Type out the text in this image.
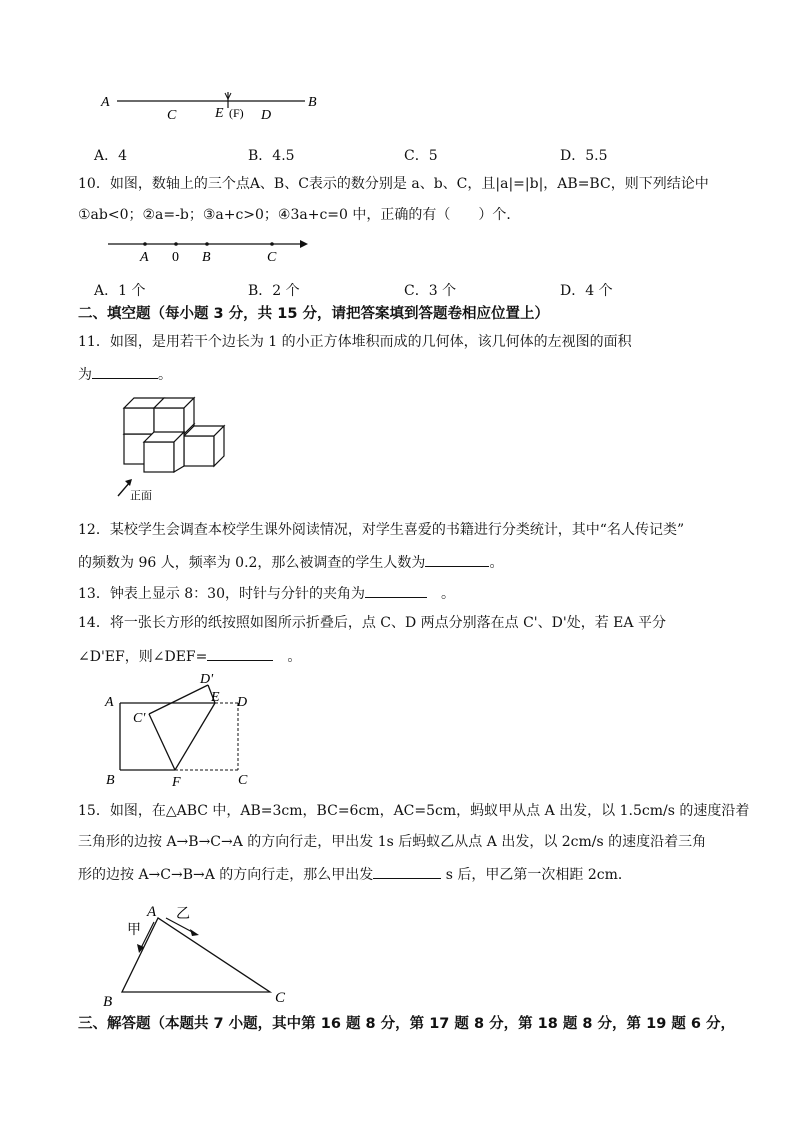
A	B
C	E (F) D
A．4	B．4.5	C．5	D．5.5
10．如图，数轴上的三个点A、B、C表示的数分别是 a、b、C，且|a|=|b|，AB=BC，则下列结论中
①ab<0；②a=-b；③a+c>0；④3a+c=0 中，正确的有（　　）个．
A 0 B	C
A．1 个	B．2 个	C．3 个	D．4 个
二、填空题（每小题 3 分，共 15 分，请把答案填到答题卷相应位置上）
11．如图，是用若干个边长为 1 的小正方体堆积而成的几何体，该几何体的左视图的面积
为	。
正面
12．某校学生会调查本校学生课外阅读情况，对学生喜爱的书籍进行分类统计，其中“名人传记类”
的频数为 96 人，频率为 0.2，那么被调查的学生人数为	。
13．钟表上显示 8：30，时针与分针的夹角为	　。
14．将一张长方形的纸按照如图所示折叠后，点 C、D 两点分别落在点 C'、D'处，若 EA 平分
∠D'EF，则∠DEF=	　。
A
B	C
D
E
F
C'
D'
15．如图，在△ABC 中，AB=3cm，BC=6cm，AC=5cm，蚂蚁甲从点 A 出发，以 1.5cm/s 的速度沿着
三角形的边按 A→B→C→A 的方向行走，甲出发 1s 后蚂蚁乙从点 A 出发，以 2cm/s 的速度沿着三角
形的边按 A→C→B→A 的方向行走，那么甲出发	s 后，甲乙第一次相距 2cm．
A
B	C
甲
乙
三、解答题（本题共 7 小题，其中第 16 题 8 分，第 17 题 8 分，第 18 题 8 分，第 19 题 6 分，
